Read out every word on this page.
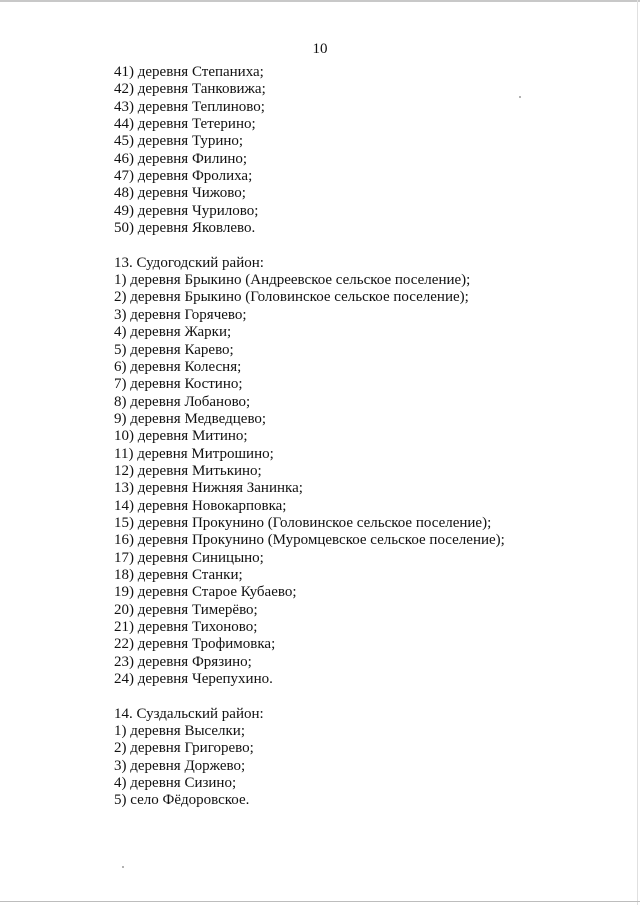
10
41) деревня Степаниха;
42) деревня Танковижа;
43) деревня Теплиново;
44) деревня Тетерино;
45) деревня Турино;
46) деревня Филино;
47) деревня Фролиха;
48) деревня Чижово;
49) деревня Чурилово;
50) деревня Яковлево.
13. Судогодский район:
1) деревня Брыкино (Андреевское сельское поселение);
2) деревня Брыкино (Головинское сельское поселение);
3) деревня Горячево;
4) деревня Жарки;
5) деревня Карево;
6) деревня Колесня;
7) деревня Костино;
8) деревня Лобаново;
9) деревня Медведцево;
10) деревня Митино;
11) деревня Митрошино;
12) деревня Митькино;
13) деревня Нижняя Занинка;
14) деревня Новокарповка;
15) деревня Прокунино (Головинское сельское поселение);
16) деревня Прокунино (Муромцевское сельское поселение);
17) деревня Синицыно;
18) деревня Станки;
19) деревня Старое Кубаево;
20) деревня Тимерёво;
21) деревня Тихоново;
22) деревня Трофимовка;
23) деревня Фрязино;
24) деревня Черепухино.
14. Суздальский район:
1) деревня Выселки;
2) деревня Григорево;
3) деревня Доржево;
4) деревня Сизино;
5) село Фёдоровское.
